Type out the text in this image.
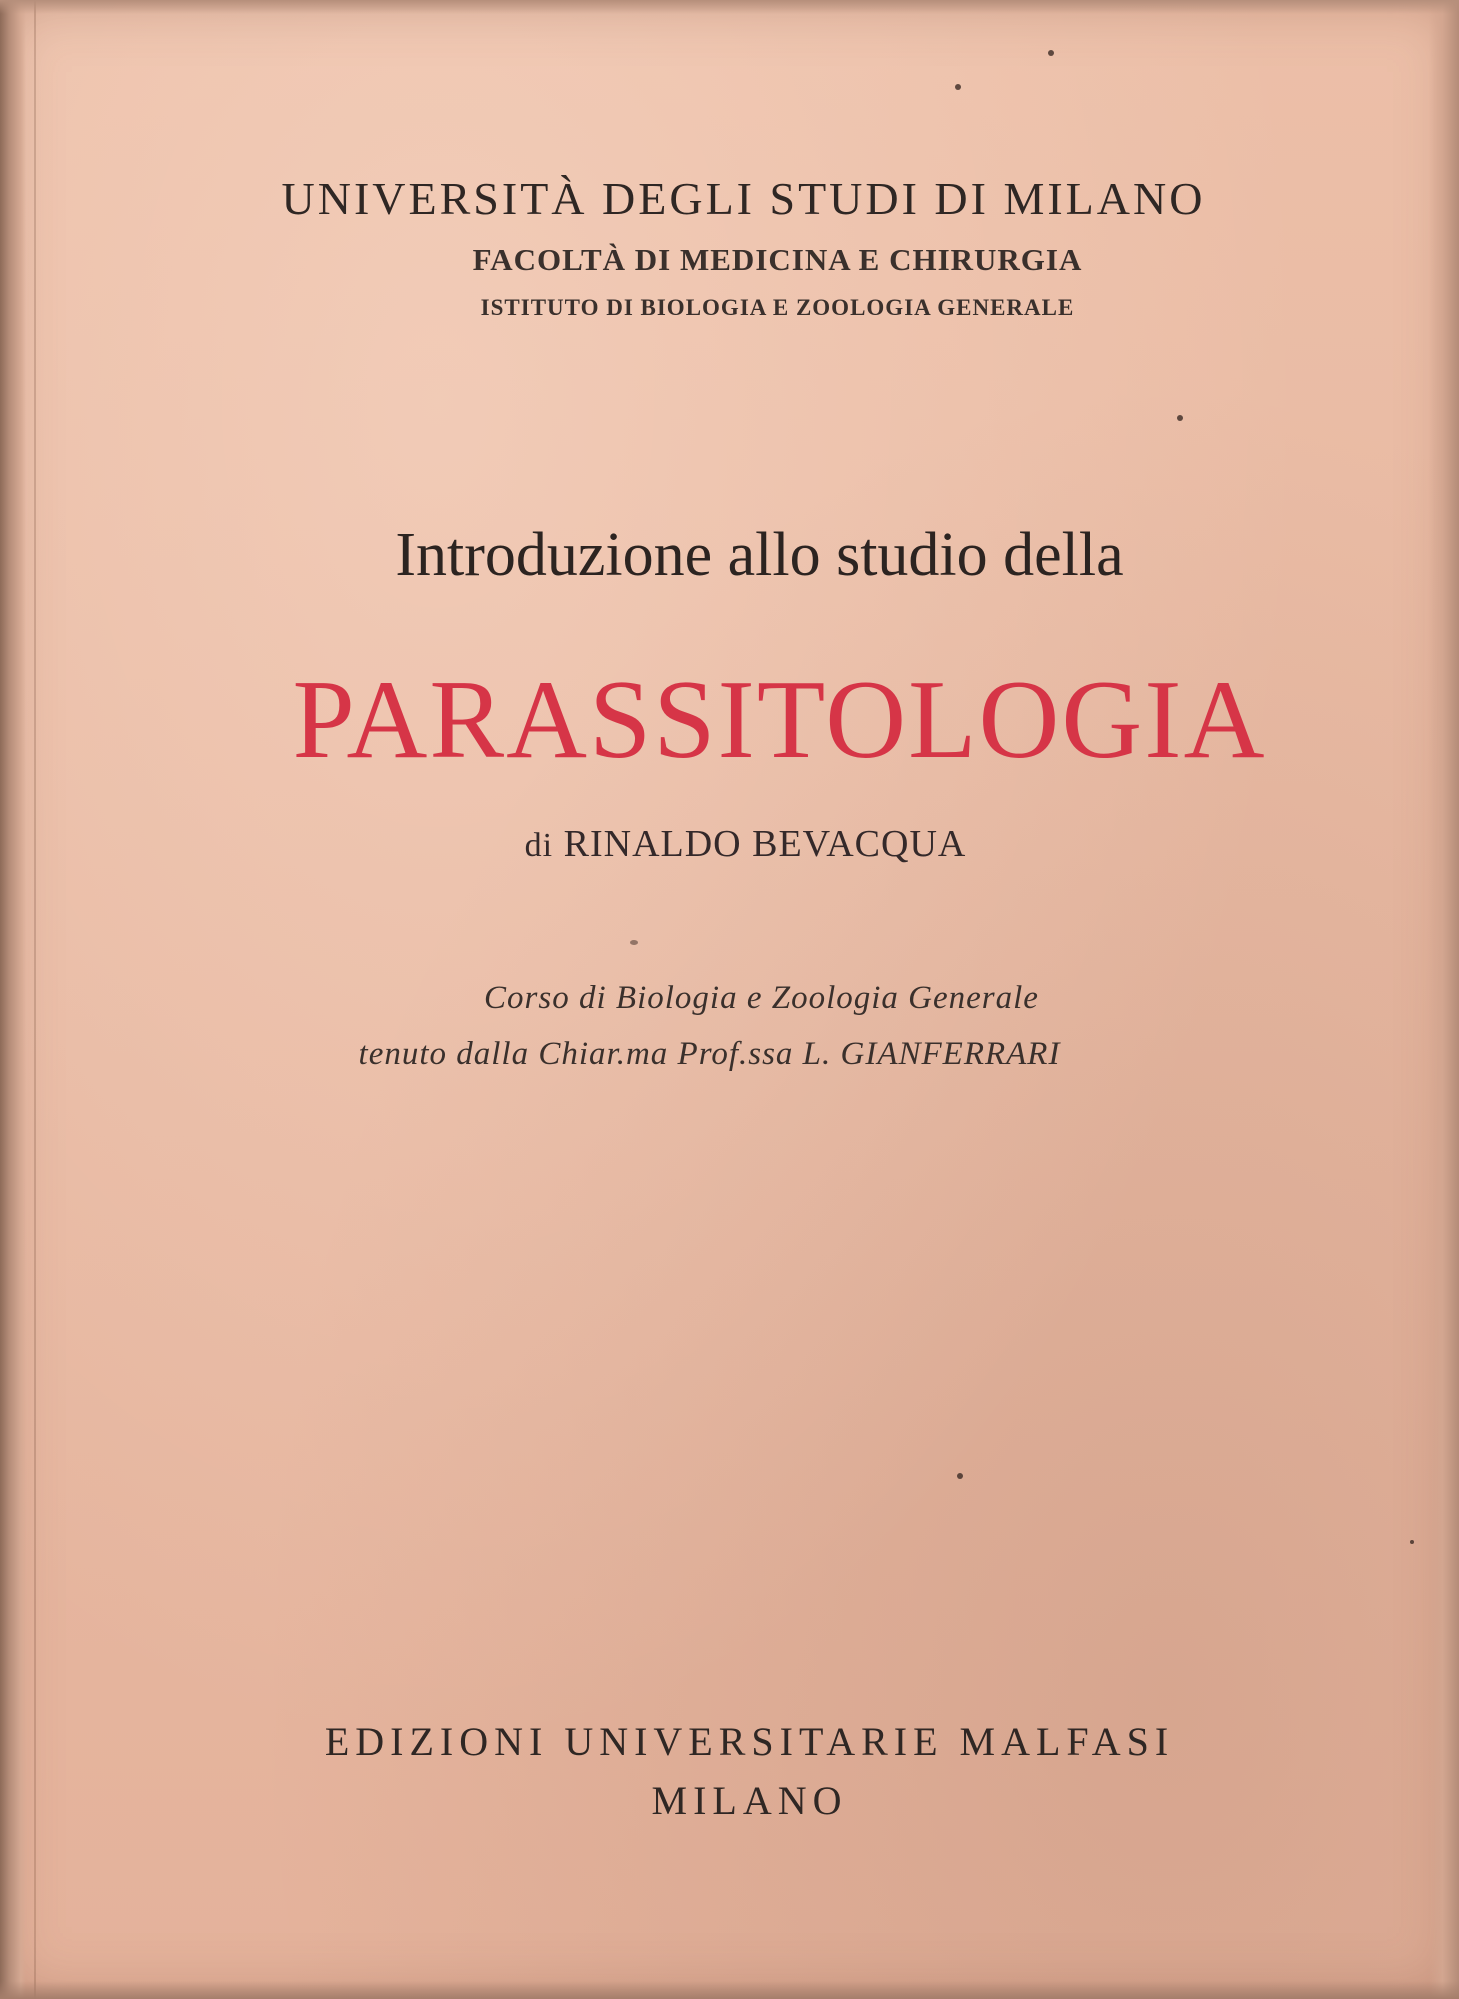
UNIVERSITÀ DEGLI STUDI DI MILANO
FACOLTÀ DI MEDICINA E CHIRURGIA
ISTITUTO DI BIOLOGIA E ZOOLOGIA GENERALE
Introduzione allo studio della
PARASSITOLOGIA
di RINALDO BEVACQUA
Corso di Biologia e Zoologia Generale
tenuto dalla Chiar.ma Prof.ssa L. GIANFERRARI
EDIZIONI UNIVERSITARIE MALFASI
MILANO
